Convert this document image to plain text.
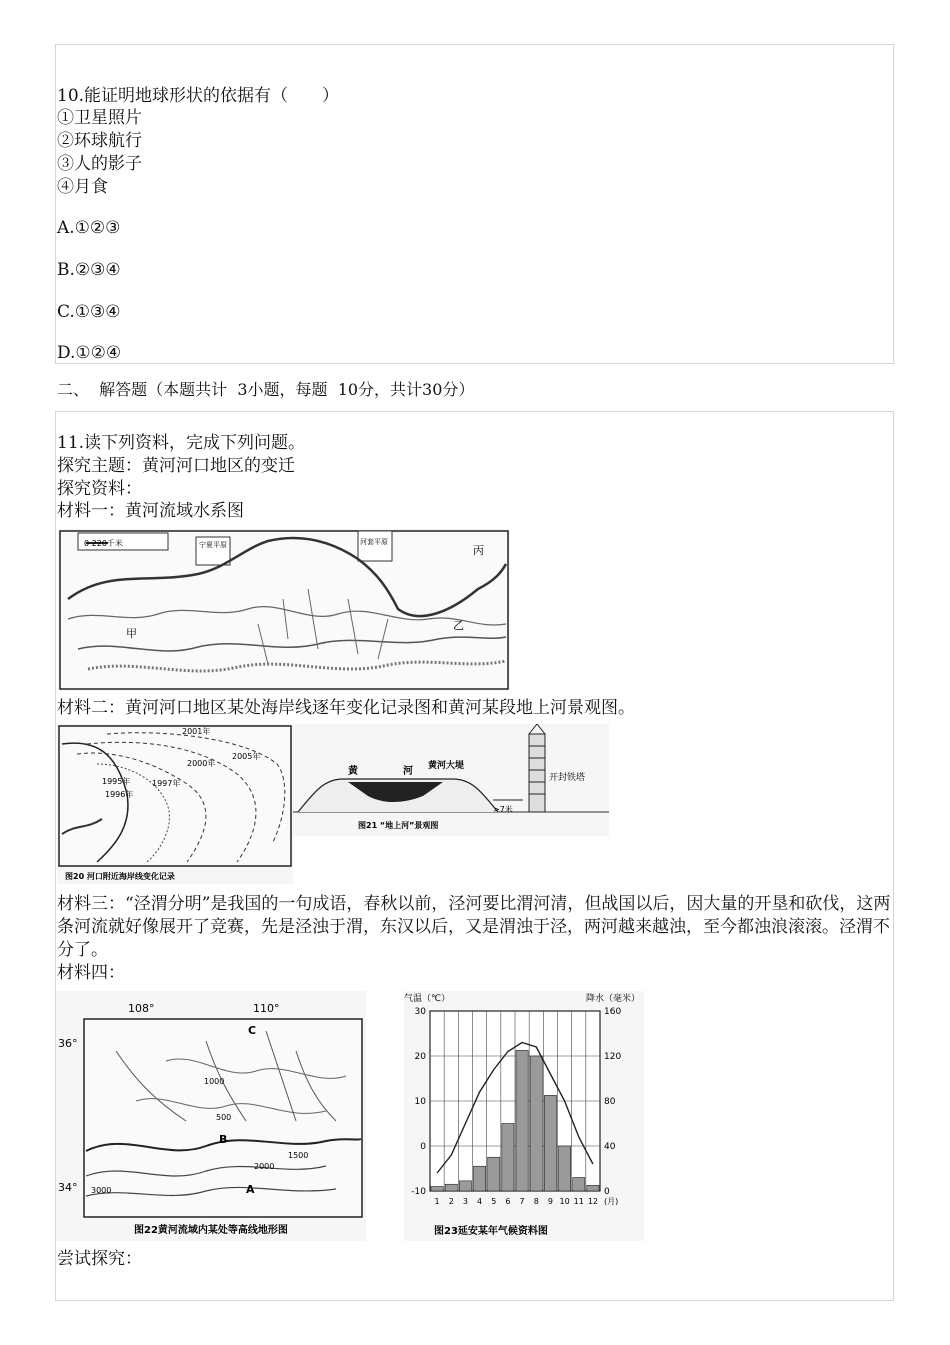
10.能证明地球形状的依据有（　　）
①卫星照片
②环球航行
③人的影子
④月食
A.①②③
B.②③④
C.①③④
D.①②④
二、  解答题（本题共计  3小题，每题  10分，共计30分）
11.读下列资料，完成下列问题。
探究主题：黄河河口地区的变迁
探究资料：
材料一：黄河流域水系图
0 220千米	宁夏平原	河套平原
甲
乙
丙
材料二：黄河河口地区某处海岸线逐年变化记录图和黄河某段地上河景观图。
2001年
2000年
2005年
1995年	1997年
1996年
图20 河口附近海岸线变化记录
黄	河 黄河大堤
开封铁塔
>7米
图21 “地上河”景观图
材料三：“泾渭分明”是我国的一句成语，春秋以前，泾河要比渭河清，但战国以后，因大量的开垦和砍伐，这两条河流就好像展开了竞赛，先是泾浊于渭，东汉以后，又是渭浊于泾，两河越来越浊，至今都浊浪滚滚。泾渭不分了。
材料四：
108°	110°
36°
34°
C
B
A
1000
500
2000
1500
3000
图22黄河流域内某处等高线地形图
气温（℃）	降水（毫米）
30
20
10
0
-10
160
120
80
40
0
1 2 3 4 5 6 7 8 9 10 11 12 (月)
图23延安某年气候资料图
尝试探究：
